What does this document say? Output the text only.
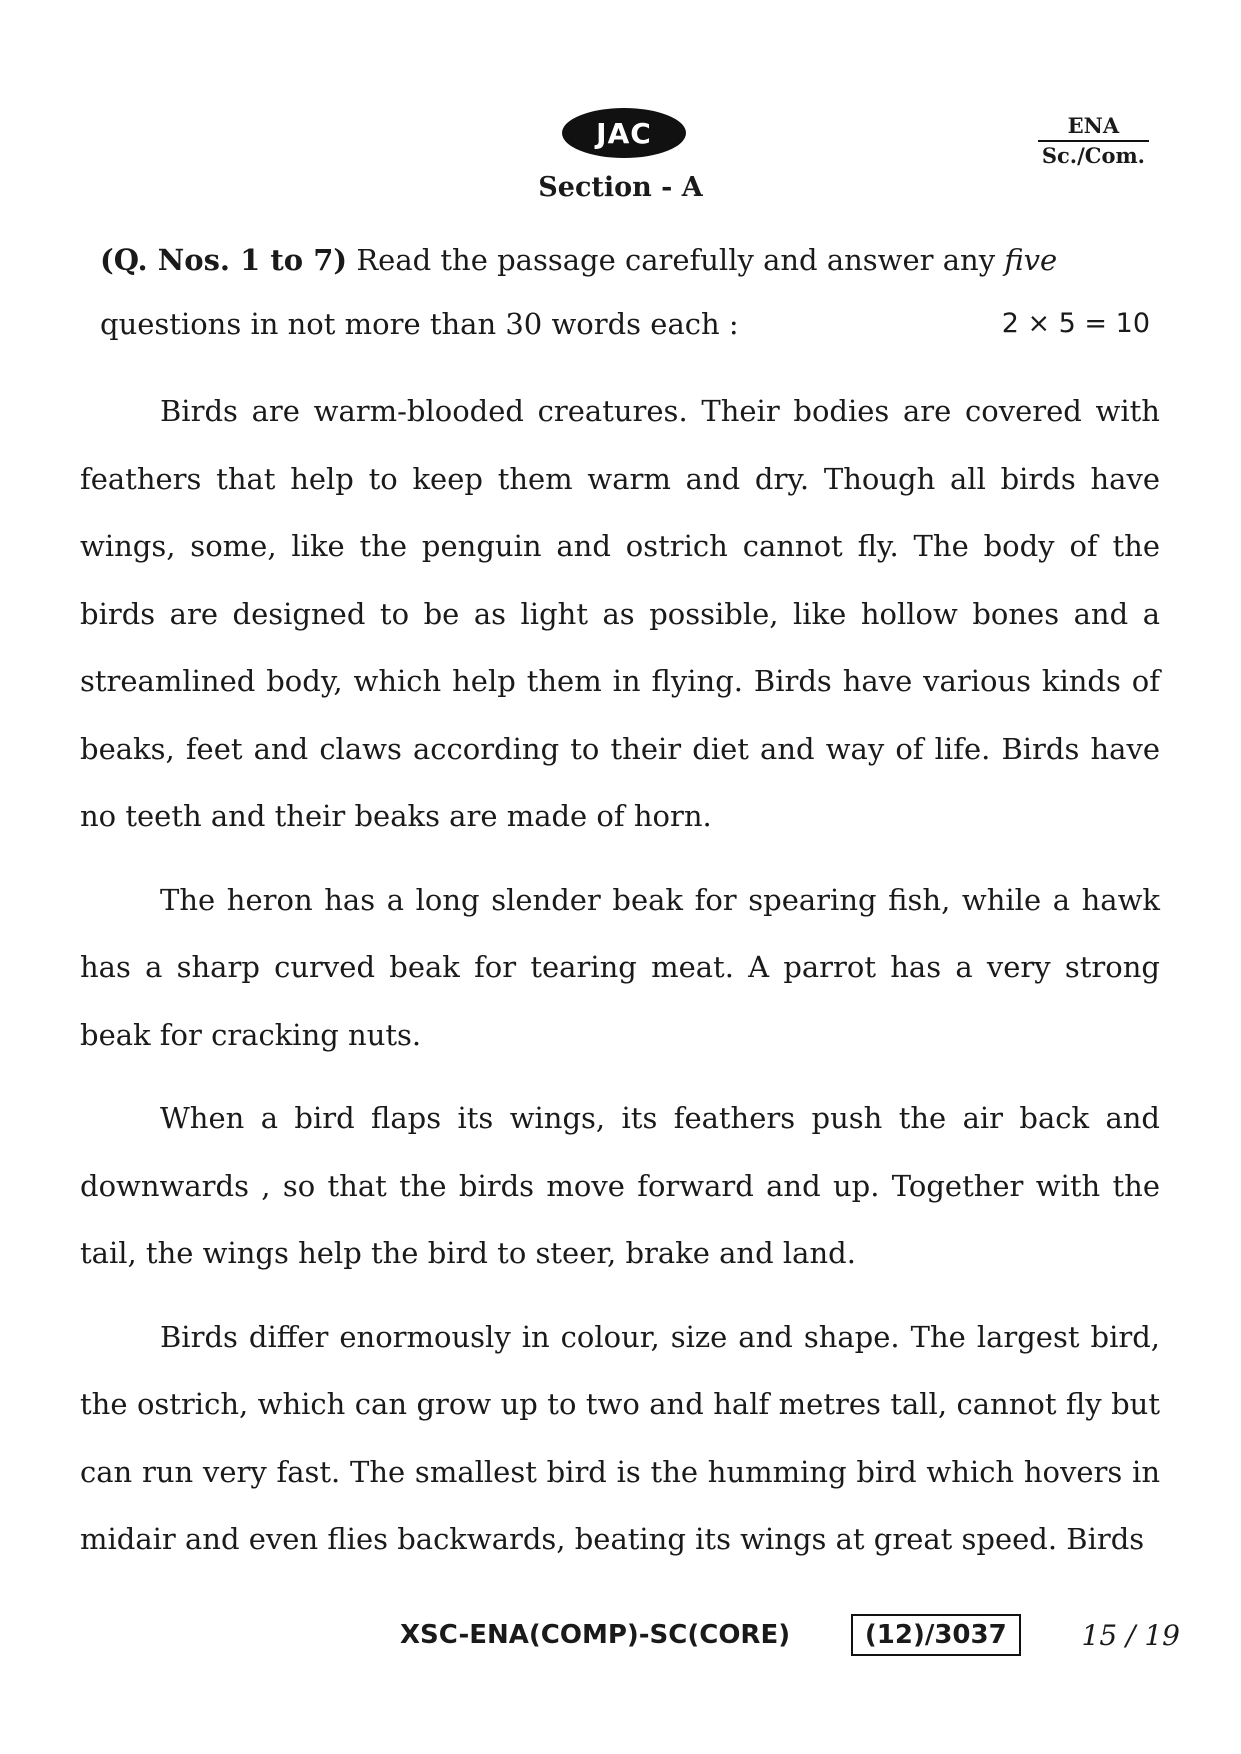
JAC	ENA
Sc./Com.
Section - A
(Q. Nos. 1 to 7) Read the passage carefully and answer any five
questions in not more than 30 words each :	2 × 5 = 10

Birds are warm-blooded creatures. Their bodies are covered with feathers that help to keep them warm and dry. Though all birds have wings, some, like the penguin and ostrich cannot fly. The body of the birds are designed to be as light as possible, like hollow bones and a streamlined body, which help them in flying. Birds have various kinds of beaks, feet and claws according to their diet and way of life. Birds have no teeth and their beaks are made of horn.

The heron has a long slender beak for spearing fish, while a hawk has a sharp curved beak for tearing meat. A parrot has a very strong beak for cracking nuts.

When a bird flaps its wings, its feathers push the air back and downwards , so that the birds move forward and up. Together with the tail, the wings help the bird to steer, brake and land.

Birds differ enormously in colour, size and shape. The largest bird, the ostrich, which can grow up to two and half metres tall, cannot fly but can run very fast. The smallest bird is the humming bird which hovers in midair and even flies backwards, beating its wings at great speed. Birds

XSC-ENA(COMP)-SC(CORE)	(12)/3037	15 / 19
